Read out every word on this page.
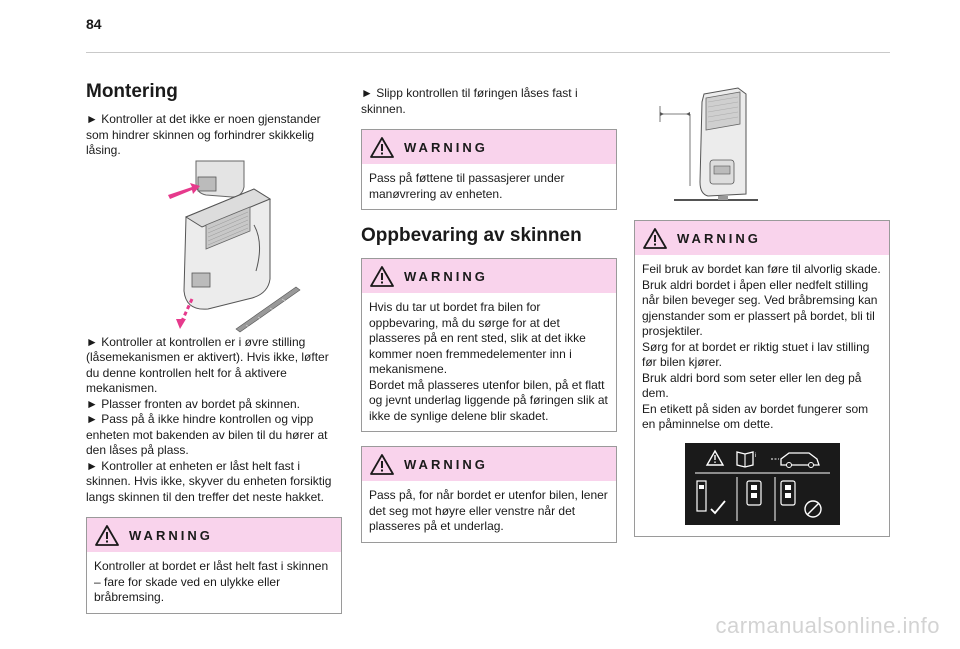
84
Montering

► Kontroller at det ikke er noen gjenstander som hindrer skinnen og forhindrer skikkelig låsing.

► Kontroller at kontrollen er i øvre stilling (låsemekanismen er aktivert). Hvis ikke, løfter du denne kontrollen helt for å aktivere mekanismen.

► Plasser fronten av bordet på skinnen.

► Pass på å ikke hindre kontrollen og vipp enheten mot bakenden av bilen til du hører at den låses på plass.

► Kontroller at enheten er låst helt fast i skinnen. Hvis ikke, skyver du enheten forsiktig langs skinnen til den treffer det neste hakket.

WARNING
Kontroller at bordet er låst helt fast i skinnen – fare for skade ved en ulykke eller bråbremsing.

► Slipp kontrollen til føringen låses fast i skinnen.

WARNING
Pass på føttene til passasjerer under manøvrering av enheten.
Oppbevaring av skinnen
WARNING
Hvis du tar ut bordet fra bilen for oppbevaring, må du sørge for at det plasseres på en rent sted, slik at det ikke kommer noen fremmedelementer inn i mekanismene.
Bordet må plasseres utenfor bilen, på et flatt og jevnt underlag liggende på føringen slik at ikke de synlige delene blir skadet.
WARNING
Pass på, for når bordet er utenfor bilen, lener det seg mot høyre eller venstre når det plasseres på et underlag.
WARNING
Feil bruk av bordet kan føre til alvorlig skade.
Bruk aldri bordet i åpen eller nedfelt stilling når bilen beveger seg. Ved bråbremsing kan gjenstander som er plassert på bordet, bli til prosjektiler.
Sørg for at bordet er riktig stuet i lav stilling før bilen kjører.
Bruk aldri bord som seter eller len deg på dem.
En etikett på siden av bordet fungerer som en påminnelse om dette.
i
carmanualsonline.info
